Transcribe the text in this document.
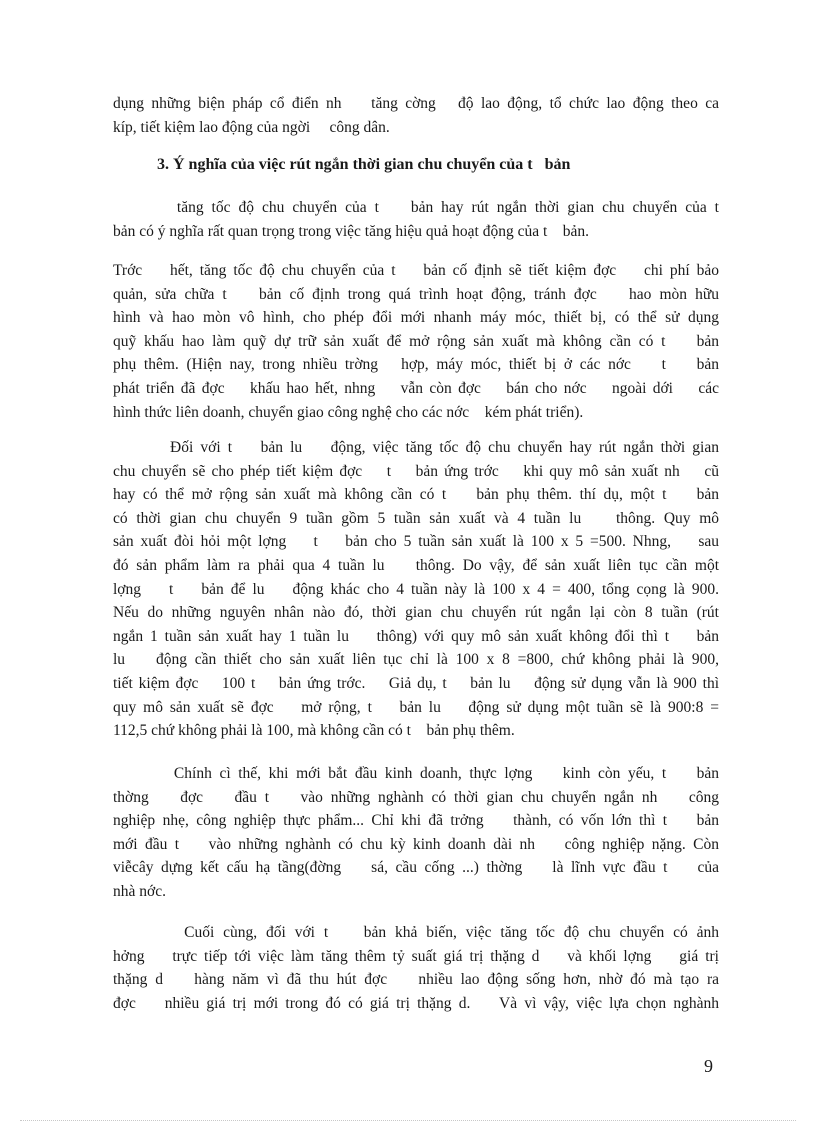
dụng những biện pháp cổ điển nh    tăng cờng   độ lao động, tổ chức lao động theo ca
kíp, tiết kiệm lao động của ngời     công dân.
3. Ý nghĩa của việc rút ngắn thời gian chu chuyển của t   bản
tăng tốc độ chu chuyển của t    bản hay rút ngắn thời gian chu chuyển của t
bản có ý nghĩa rất quan trọng trong việc tăng hiệu quả hoạt động của t    bản.
Trớc    hết, tăng tốc độ chu chuyển của t    bản cố định sẽ tiết kiệm đợc    chi phí bảo
quản, sửa chữa t    bản cố định trong quá trình hoạt động, tránh đợc    hao mòn hữu
hình và hao mòn vô hình, cho phép đổi mới nhanh máy móc, thiết bị, có thể sử dụng
quỹ khấu hao làm quỹ dự trữ sản xuất để mở rộng sản xuất mà không cần có t    bản
phụ thêm. (Hiện nay, trong nhiều trờng   hợp, máy móc, thiết bị ở các nớc    t    bản
phát triển đã đợc    khấu hao hết, nhng    vẫn còn đợc    bán cho nớc    ngoài dới    các
hình thức liên doanh, chuyển giao công nghệ cho các nớc    kém phát triển).
Đối với t    bản lu    động, việc tăng tốc độ chu chuyển hay rút ngắn thời gian
chu chuyển sẽ cho phép tiết kiệm đợc    t    bản ứng trớc    khi quy mô sản xuất nh    cũ
hay có thể mở rộng sản xuất mà không cần có t    bản phụ thêm. thí dụ, một t    bản
có thời gian chu chuyển 9 tuần gồm 5 tuần sản xuất và 4 tuần lu    thông. Quy mô
sản xuất đòi hỏi một lợng    t    bản cho 5 tuần sản xuất là 100 x 5 =500. Nhng,    sau
đó sản phẩm làm ra phải qua 4 tuần lu    thông. Do vậy, để sản xuất liên tục cần một
lợng    t    bản để lu    động khác cho 4 tuần này là 100 x 4 = 400, tổng cọng là 900.
Nếu do những nguyên nhân nào đó, thời gian chu chuyển rút ngắn lại còn 8 tuần (rút
ngắn 1 tuần sản xuất hay 1 tuần lu    thông) với quy mô sản xuất không đổi thì t    bản
lu    động cần thiết cho sản xuất liên tục chỉ là 100 x 8 =800, chứ không phải là 900,
tiết kiệm đợc    100 t    bản ứng trớc.    Giả dụ, t    bản lu    động sử dụng vẫn là 900 thì
quy mô sản xuất sẽ đợc    mở rộng, t    bản lu    động sử dụng một tuần sẽ là 900:8 =
112,5 chứ không phải là 100, mà không cần có t    bản phụ thêm.
Chính cì thế, khi mới bắt đầu kinh doanh, thực lợng    kinh còn yếu, t    bản
thờng    đợc    đầu t    vào những nghành có thời gian chu chuyển ngắn nh    công
nghiệp nhẹ, công nghiệp thực phẩm... Chỉ khi đã trởng    thành, có vốn lớn thì t    bản
mới đầu t    vào những nghành có chu kỳ kinh doanh dài nh    công nghiệp nặng. Còn
viễcây dựng kết cấu hạ tầng(đờng    sá, cầu cống ...) thờng    là lĩnh vực đầu t    của
nhà nớc.
Cuối cùng, đối với t    bản khả biến, việc tăng tốc độ chu chuyển có ảnh
hởng    trực tiếp tới việc làm tăng thêm tỷ suất giá trị thặng d    và khối lợng    giá trị
thặng d    hàng năm vì đã thu hút đợc    nhiều lao động sống hơn, nhờ đó mà tạo ra
đợc    nhiều giá trị mới trong đó có giá trị thặng d.    Và vì vậy, việc lựa chọn nghành
9
